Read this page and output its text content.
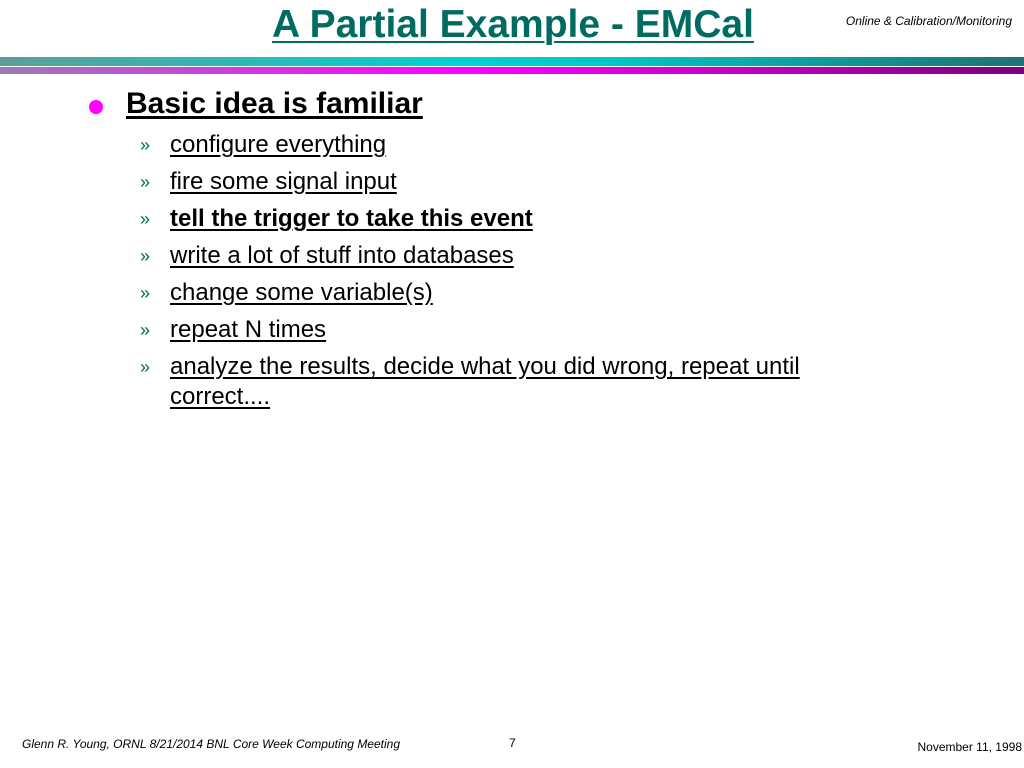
A Partial Example - EMCal	Online & Calibration/Monitoring
Basic idea is familiar
» configure everything
» fire some signal input
» tell the trigger to take this event
» write a lot of stuff into databases
» change some variable(s)
» repeat N times
» analyze the results, decide what you did wrong, repeat until correct....
Glenn R. Young, ORNL 8/21/2014 BNL Core Week Computing Meeting	7	November 11, 1998
